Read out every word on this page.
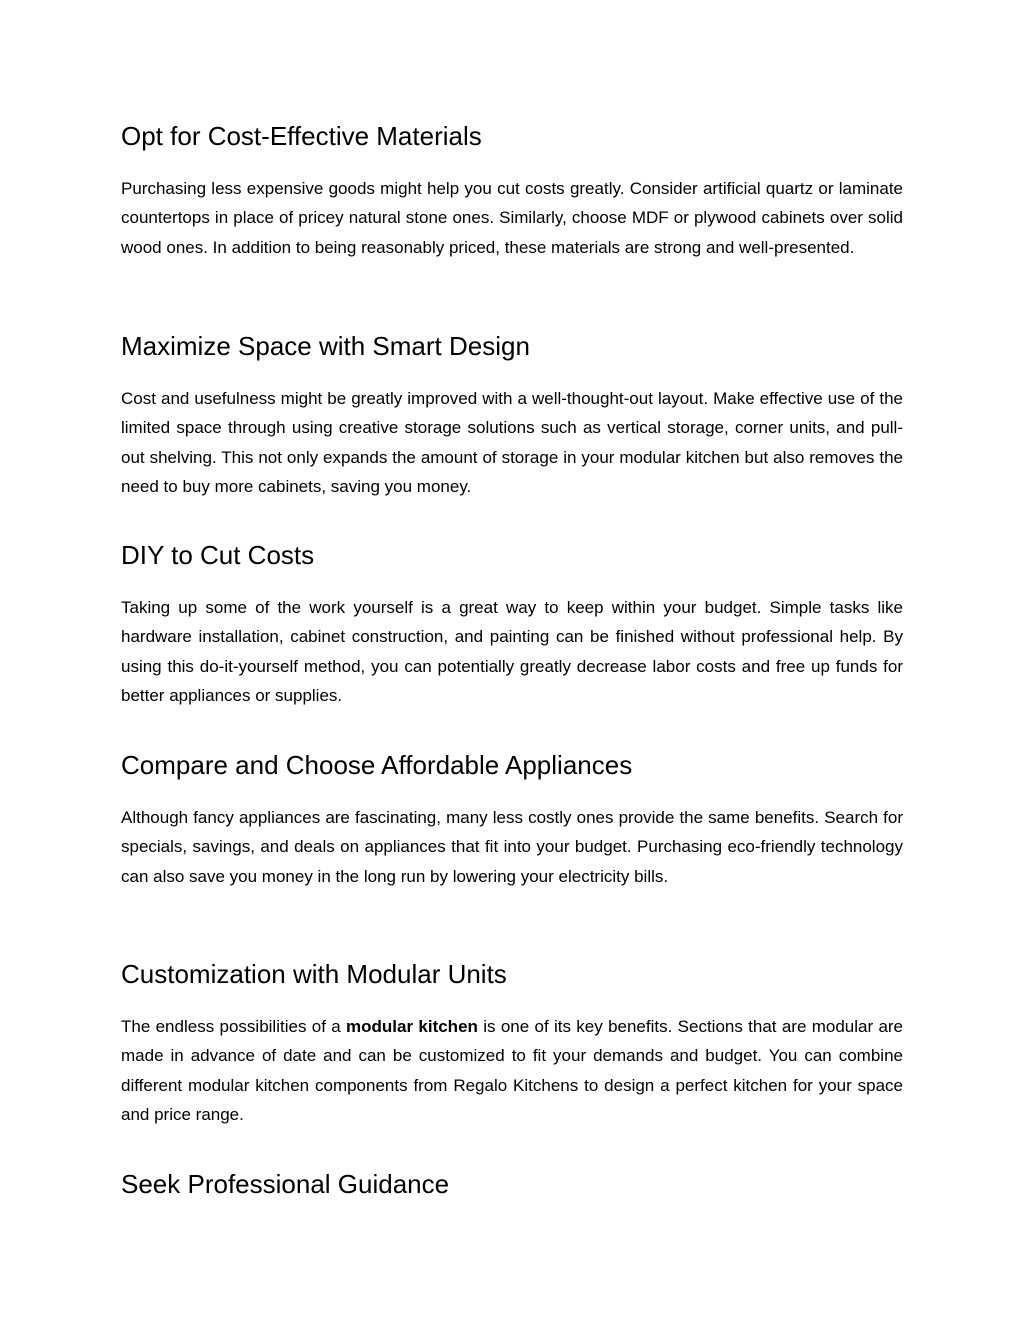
Opt for Cost-Effective Materials

Purchasing less expensive goods might help you cut costs greatly. Consider artificial quartz or laminate countertops in place of pricey natural stone ones. Similarly, choose MDF or plywood cabinets over solid wood ones. In addition to being reasonably priced, these materials are strong and well-presented.

Maximize Space with Smart Design

Cost and usefulness might be greatly improved with a well-thought-out layout. Make effective use of the limited space through using creative storage solutions such as vertical storage, corner units, and pull-out shelving. This not only expands the amount of storage in your modular kitchen but also removes the need to buy more cabinets, saving you money.

DIY to Cut Costs

Taking up some of the work yourself is a great way to keep within your budget. Simple tasks like hardware installation, cabinet construction, and painting can be finished without professional help. By using this do-it-yourself method, you can potentially greatly decrease labor costs and free up funds for better appliances or supplies.

Compare and Choose Affordable Appliances

Although fancy appliances are fascinating, many less costly ones provide the same benefits. Search for specials, savings, and deals on appliances that fit into your budget. Purchasing eco-friendly technology can also save you money in the long run by lowering your electricity bills.

Customization with Modular Units

The endless possibilities of a modular kitchen is one of its key benefits. Sections that are modular are made in advance of date and can be customized to fit your demands and budget. You can combine different modular kitchen components from Regalo Kitchens to design a perfect kitchen for your space and price range.

Seek Professional Guidance
